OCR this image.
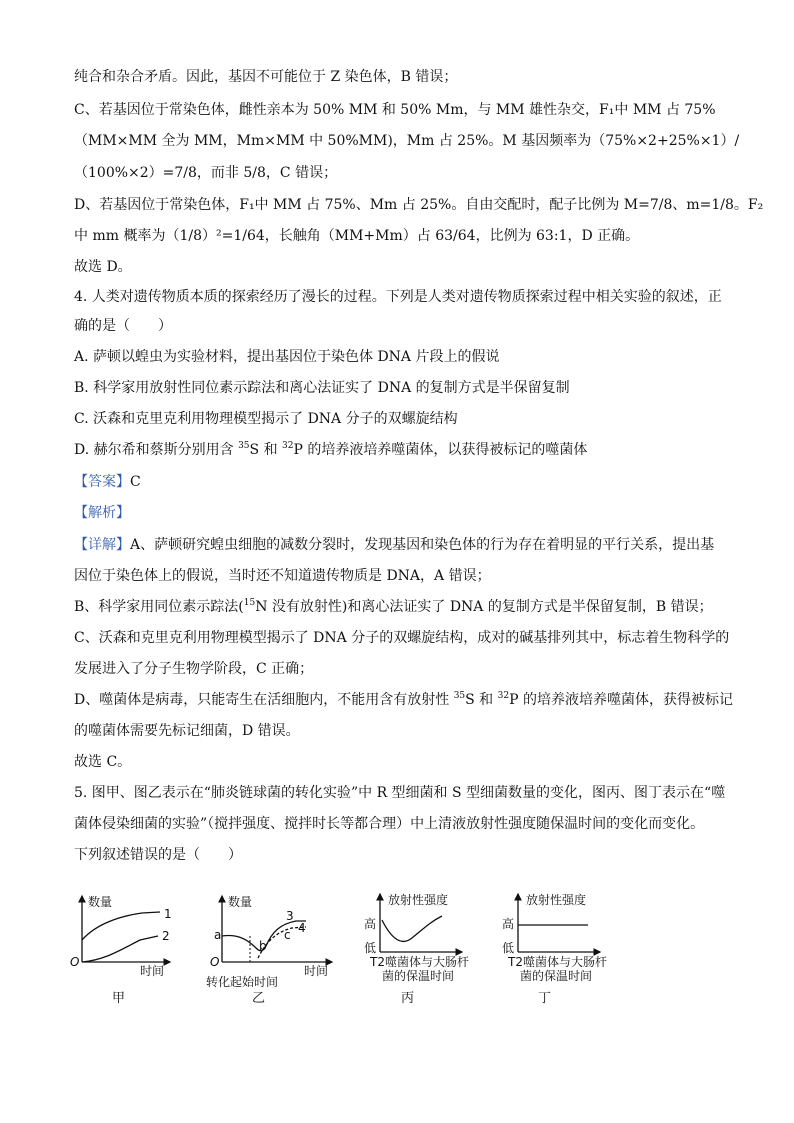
纯合和杂合矛盾。因此，基因不可能位于 Z 染色体，B 错误；
C、若基因位于常染色体，雌性亲本为 50% MM 和 50% Mm，与 MM 雄性杂交，F₁中 MM 占 75%
（MM×MM 全为 MM，Mm×MM 中 50%MM)，Mm 占 25%。M 基因频率为（75%×2+25%×1）/
（100%×2）=7/8，而非 5/8，C 错误；
D、若基因位于常染色体，F₁中 MM 占 75%、Mm 占 25%。自由交配时，配子比例为 M=7/8、m=1/8。F₂
中 mm 概率为（1/8）²=1/64，长触角（MM+Mm）占 63/64，比例为 63:1，D 正确。
故选 D。
4. 人类对遗传物质本质的探索经历了漫长的过程。下列是人类对遗传物质探索过程中相关实验的叙述，正
确的是（　　）
A. 萨顿以蝗虫为实验材料，提出基因位于染色体 DNA 片段上的假说
B. 科学家用放射性同位素示踪法和离心法证实了 DNA 的复制方式是半保留复制
C. 沃森和克里克利用物理模型揭示了 DNA 分子的双螺旋结构
D. 赫尔希和蔡斯分别用含 $^{35}$S 和 $^{32}$P 的培养液培养噬菌体，以获得被标记的噬菌体
【答案】C
【解析】
【详解】A、萨顿研究蝗虫细胞的减数分裂时，发现基因和染色体的行为存在着明显的平行关系，提出基
因位于染色体上的假说，当时还不知道遗传物质是 DNA，A 错误；
B、科学家用同位素示踪法($^{15}$N 没有放射性)和离心法证实了 DNA 的复制方式是半保留复制，B 错误；
C、沃森和克里克利用物理模型揭示了 DNA 分子的双螺旋结构，成对的碱基排列其中，标志着生物科学的
发展进入了分子生物学阶段，C 正确；
D、噬菌体是病毒，只能寄生在活细胞内，不能用含有放射性 $^{35}$S 和 $^{32}$P 的培养液培养噬菌体，获得被标记
的噬菌体需要先标记细菌，D 错误。
故选 C。
5. 图甲、图乙表示在“肺炎链球菌的转化实验”中 R 型细菌和 S 型细菌数量的变化，图丙、图丁表示在“噬
菌体侵染细菌的实验”（搅拌强度、搅拌时长等都合理）中上清液放射性强度随保温时间的变化而变化。
下列叙述错误的是（　　）
数量
时间
O
1
2
甲
数量
时间
O
a
b
c
3
4
转化起始时间
乙
放射性强度
高
低
T2噬菌体与大肠杆
菌的保温时间
丙
放射性强度
高
低
T2噬菌体与大肠杆
菌的保温时间
丁
